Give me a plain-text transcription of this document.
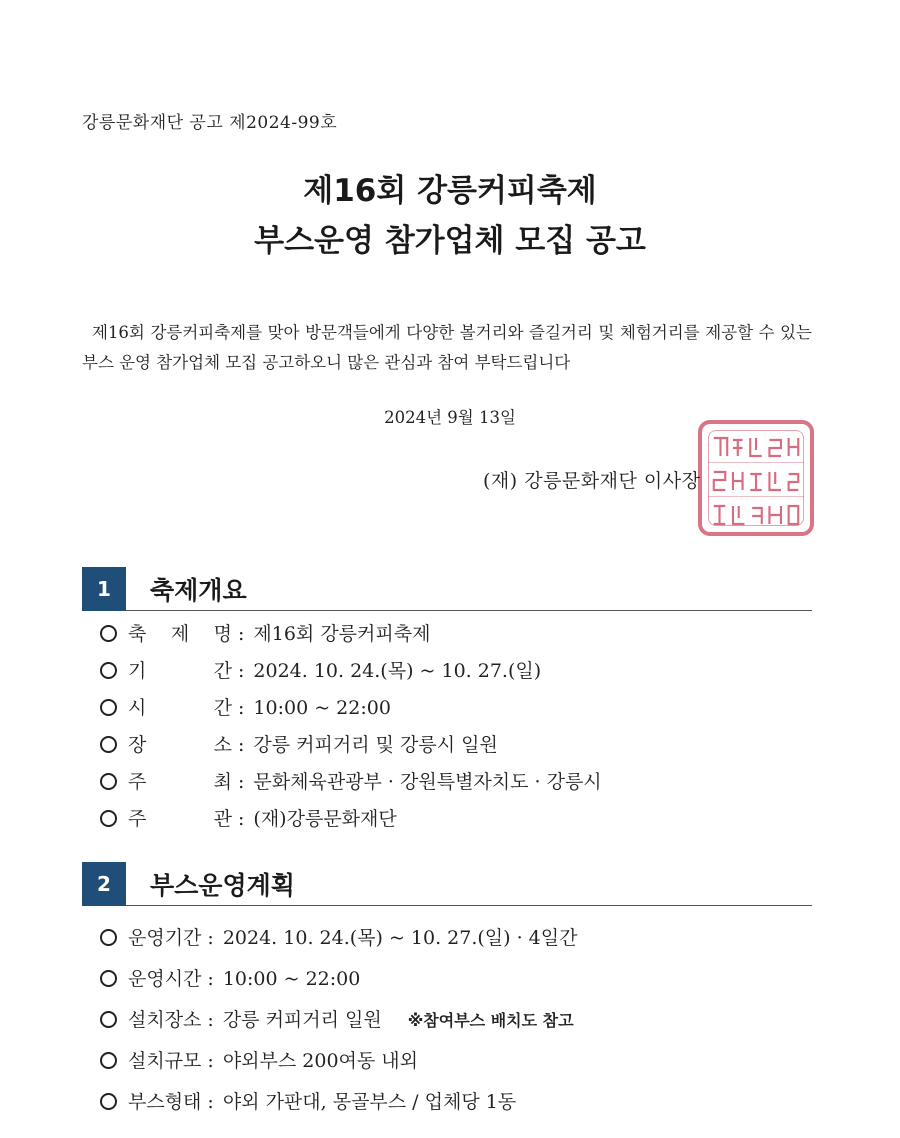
강릉문화재단 공고 제2024-99호
제16회 강릉커피축제
부스운영 참가업체 모집 공고
제16회 강릉커피축제를 맞아 방문객들에게 다양한 볼거리와 즐길거리 및 체험거리를 제공할 수 있는 부스 운영 참가업체 모집 공고하오니 많은 관심과 참여 부탁드립니다
2024년 9월 13일
(재) 강릉문화재단 이사장
1	축제개요
축 제 명 : 제16회 강릉커피축제
기 간 : 2024. 10. 24.(목) ~ 10. 27.(일)
시 간 : 10:00 ~ 22:00
장 소 : 강릉 커피거리 및 강릉시 일원
주 최 : 문화체육관광부 · 강원특별자치도 · 강릉시
주 관 : (재)강릉문화재단
2	부스운영계획
운영기간 : 2024. 10. 24.(목) ~ 10. 27.(일) · 4일간
운영시간 : 10:00 ~ 22:00
설치장소 : 강릉 커피거리 일원 ※참여부스 배치도 참고
설치규모 : 야외부스 200여동 내외
부스형태 : 야외 가판대, 몽골부스 / 업체당 1동
